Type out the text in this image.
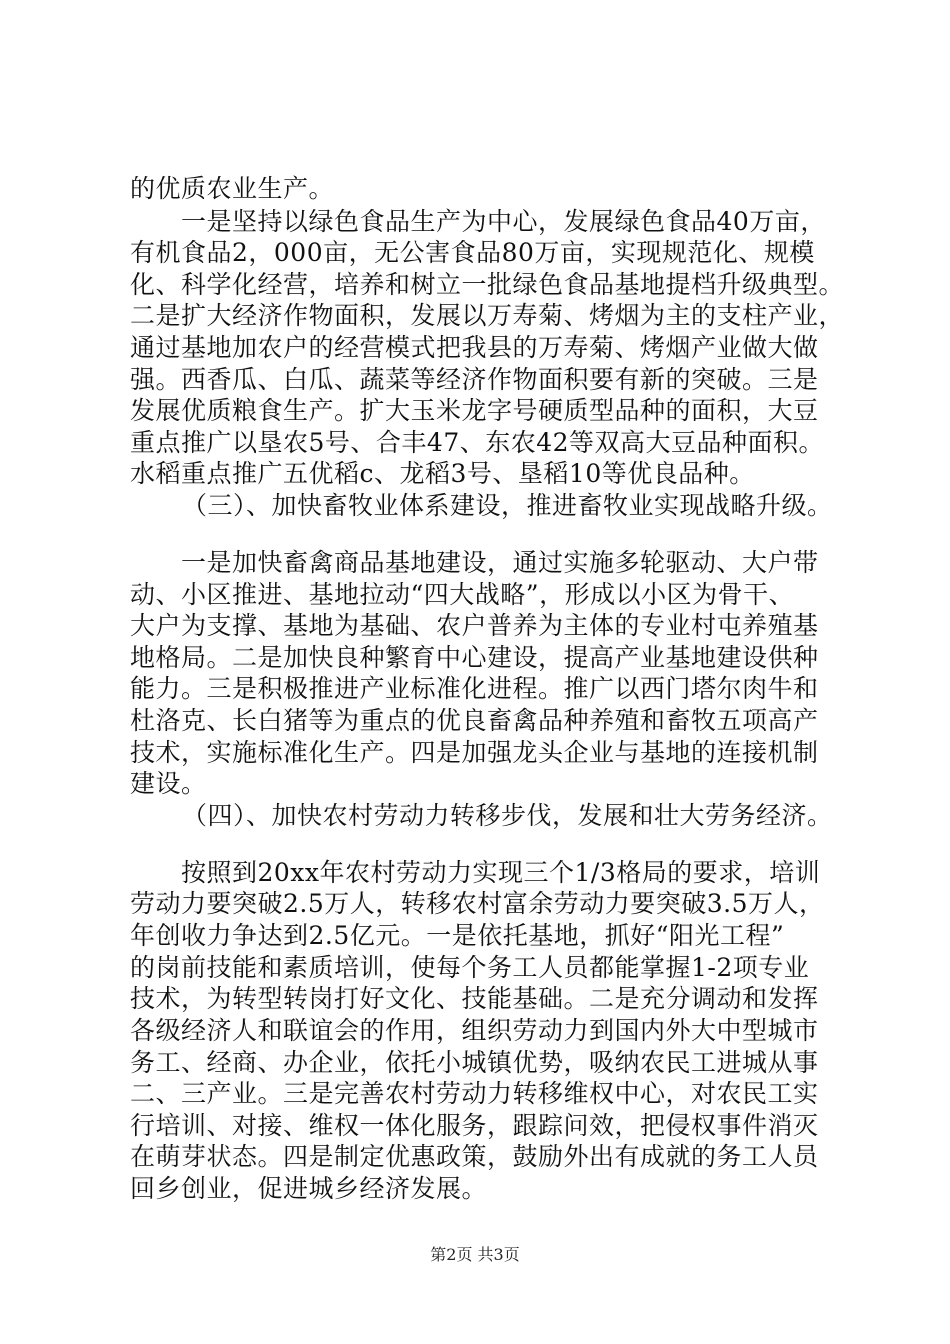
的优质农业生产。
　　一是坚持以绿色食品生产为中心，发展绿色食品40万亩，
有机食品2，000亩，无公害食品80万亩，实现规范化、规模
化、科学化经营，培养和树立一批绿色食品基地提档升级典型。
二是扩大经济作物面积，发展以万寿菊、烤烟为主的支柱产业，
通过基地加农户的经营模式把我县的万寿菊、烤烟产业做大做
强。西香瓜、白瓜、蔬菜等经济作物面积要有新的突破。三是
发展优质粮食生产。扩大玉米龙字号硬质型品种的面积，大豆
重点推广以垦农5号、合丰47、东农42等双高大豆品种面积。
水稻重点推广五优稻c、龙稻3号、垦稻10等优良品种。
（三）、加快畜牧业体系建设，推进畜牧业实现战略升级。
　　一是加快畜禽商品基地建设，通过实施多轮驱动、大户带
动、小区推进、基地拉动“四大战略”，形成以小区为骨干、
大户为支撑、基地为基础、农户普养为主体的专业村屯养殖基
地格局。二是加快良种繁育中心建设，提高产业基地建设供种
能力。三是积极推进产业标准化进程。推广以西门塔尔肉牛和
杜洛克、长白猪等为重点的优良畜禽品种养殖和畜牧五项高产
技术，实施标准化生产。四是加强龙头企业与基地的连接机制
建设。
（四）、加快农村劳动力转移步伐，发展和壮大劳务经济。
　　按照到20xx年农村劳动力实现三个1/3格局的要求，培训
劳动力要突破2.5万人，转移农村富余劳动力要突破3.5万人，
年创收力争达到2.5亿元。一是依托基地，抓好“阳光工程”
的岗前技能和素质培训，使每个务工人员都能掌握1-2项专业
技术，为转型转岗打好文化、技能基础。二是充分调动和发挥
各级经济人和联谊会的作用，组织劳动力到国内外大中型城市
务工、经商、办企业，依托小城镇优势，吸纳农民工进城从事
二、三产业。三是完善农村劳动力转移维权中心，对农民工实
行培训、对接、维权一体化服务，跟踪问效，把侵权事件消灭
在萌芽状态。四是制定优惠政策，鼓励外出有成就的务工人员
回乡创业，促进城乡经济发展。
第2页 共3页
